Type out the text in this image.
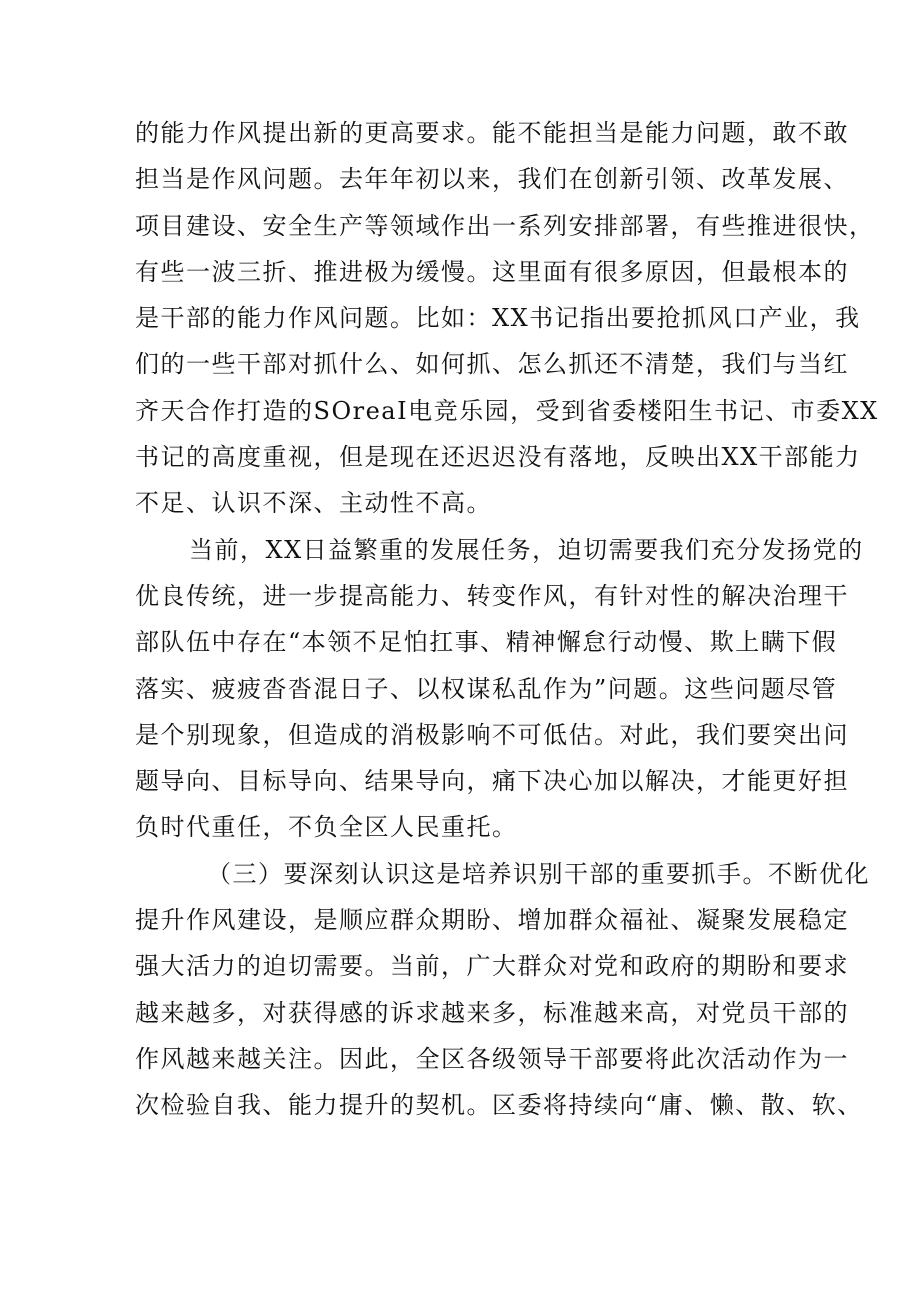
的能力作风提出新的更高要求。能不能担当是能力问题，敢不敢
担当是作风问题。去年年初以来，我们在创新引领、改革发展、
项目建设、安全生产等领域作出一系列安排部署，有些推进很快，
有些一波三折、推进极为缓慢。这里面有很多原因，但最根本的
是干部的能力作风问题。比如：XX书记指出要抢抓风口产业，我
们的一些干部对抓什么、如何抓、怎么抓还不清楚，我们与当红
齐天合作打造的SOreaI电竞乐园，受到省委楼阳生书记、市委XX
书记的高度重视，但是现在还迟迟没有落地，反映出XX干部能力
不足、认识不深、主动性不高。
当前，XX日益繁重的发展任务，迫切需要我们充分发扬党的
优良传统，进一步提高能力、转变作风，有针对性的解决治理干
部队伍中存在“本领不足怕扛事、精神懈怠行动慢、欺上瞒下假
落实、疲疲沓沓混日子、以权谋私乱作为”问题。这些问题尽管
是个别现象，但造成的消极影响不可低估。对此，我们要突出问
题导向、目标导向、结果导向，痛下决心加以解决，才能更好担
负时代重任，不负全区人民重托。
（三）要深刻认识这是培养识别干部的重要抓手。不断优化
提升作风建设，是顺应群众期盼、增加群众福祉、凝聚发展稳定
强大活力的迫切需要。当前，广大群众对党和政府的期盼和要求
越来越多，对获得感的诉求越来多，标准越来高，对党员干部的
作风越来越关注。因此，全区各级领导干部要将此次活动作为一
次检验自我、能力提升的契机。区委将持续向“庸、懒、散、软、
